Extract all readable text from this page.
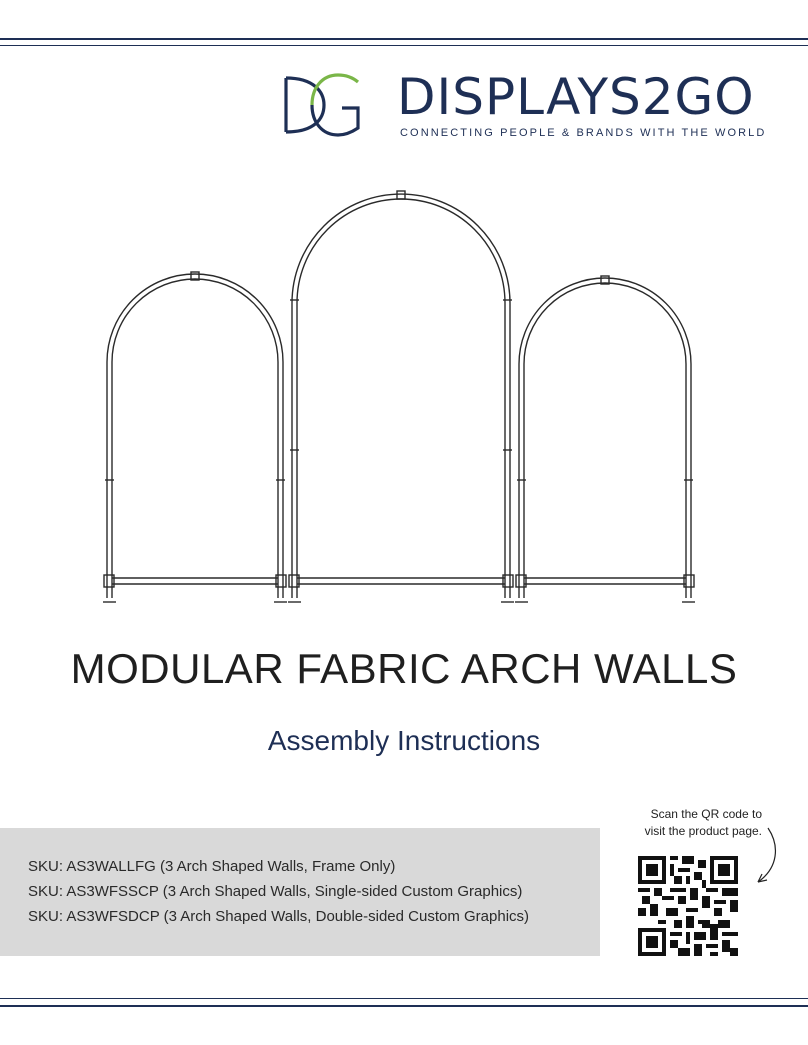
DISPLAYS2GO
CONNECTING PEOPLE & BRANDS WITH THE WORLD
MODULAR FABRIC ARCH WALLS
Assembly Instructions
SKU: AS3WALLFG (3 Arch Shaped Walls, Frame Only)
SKU: AS3WFSSCP (3 Arch Shaped Walls, Single-sided Custom Graphics)
SKU: AS3WFSDCP (3 Arch Shaped Walls, Double-sided Custom Graphics)
Scan the QR code to
visit the product page.
